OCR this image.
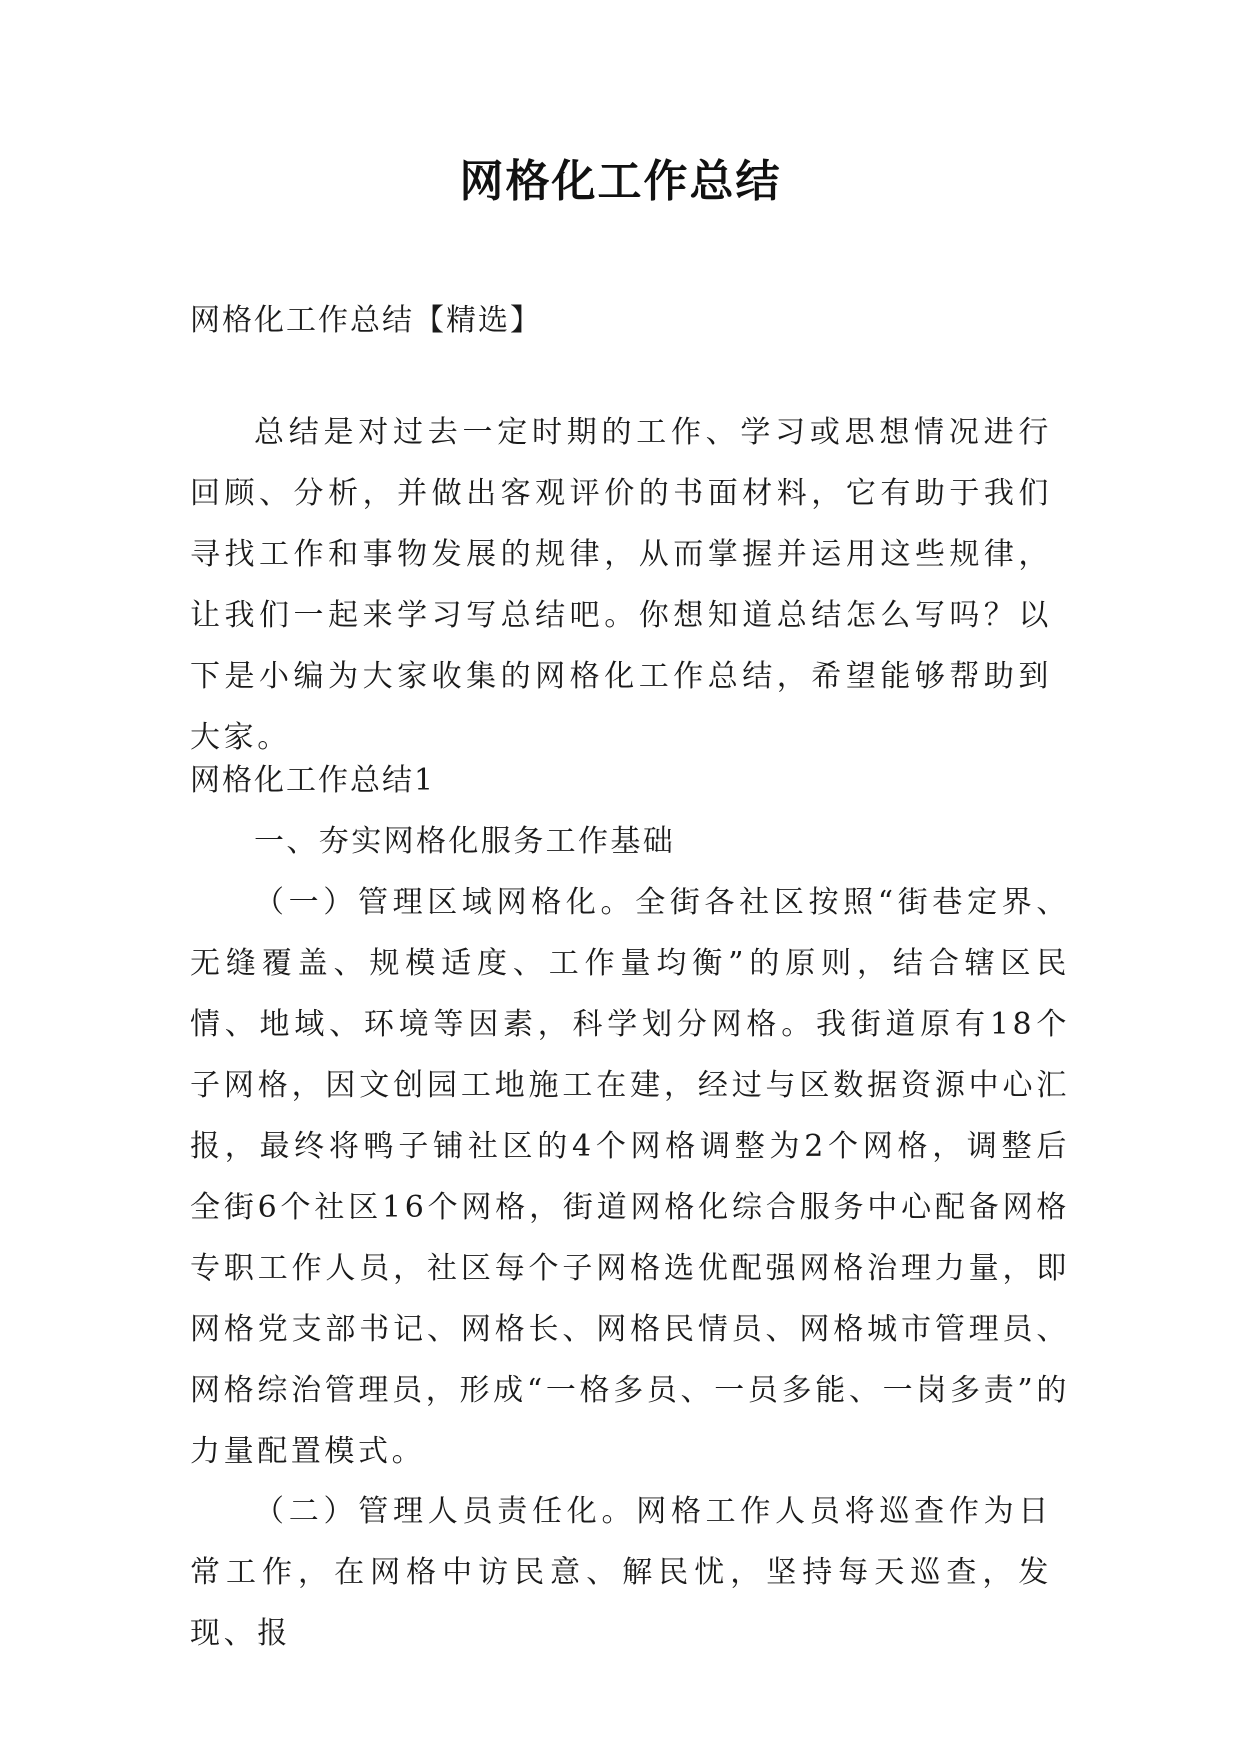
网格化工作总结
网格化工作总结【精选】
总结是对过去一定时期的工作、学习或思想情况进行回顾、分析，并做出客观评价的书面材料，它有助于我们寻找工作和事物发展的规律，从而掌握并运用这些规律，让我们一起来学习写总结吧。你想知道总结怎么写吗？以下是小编为大家收集的网格化工作总结，希望能够帮助到大家。
网格化工作总结1
一、夯实网格化服务工作基础
（一）管理区域网格化。全街各社区按照“街巷定界、无缝覆盖、规模适度、工作量均衡”的原则，结合辖区民情、地域、环境等因素，科学划分网格。我街道原有18个子网格，因文创园工地施工在建，经过与区数据资源中心汇报，最终将鸭子铺社区的4个网格调整为2个网格，调整后全街6个社区16个网格，街道网格化综合服务中心配备网格专职工作人员，社区每个子网格选优配强网格治理力量，即网格党支部书记、网格长、网格民情员、网格城市管理员、网格综治管理员，形成“一格多员、一员多能、一岗多责”的力量配置模式。
（二）管理人员责任化。网格工作人员将巡查作为日常工作，在网格中访民意、解民忧，坚持每天巡查，发现、报
